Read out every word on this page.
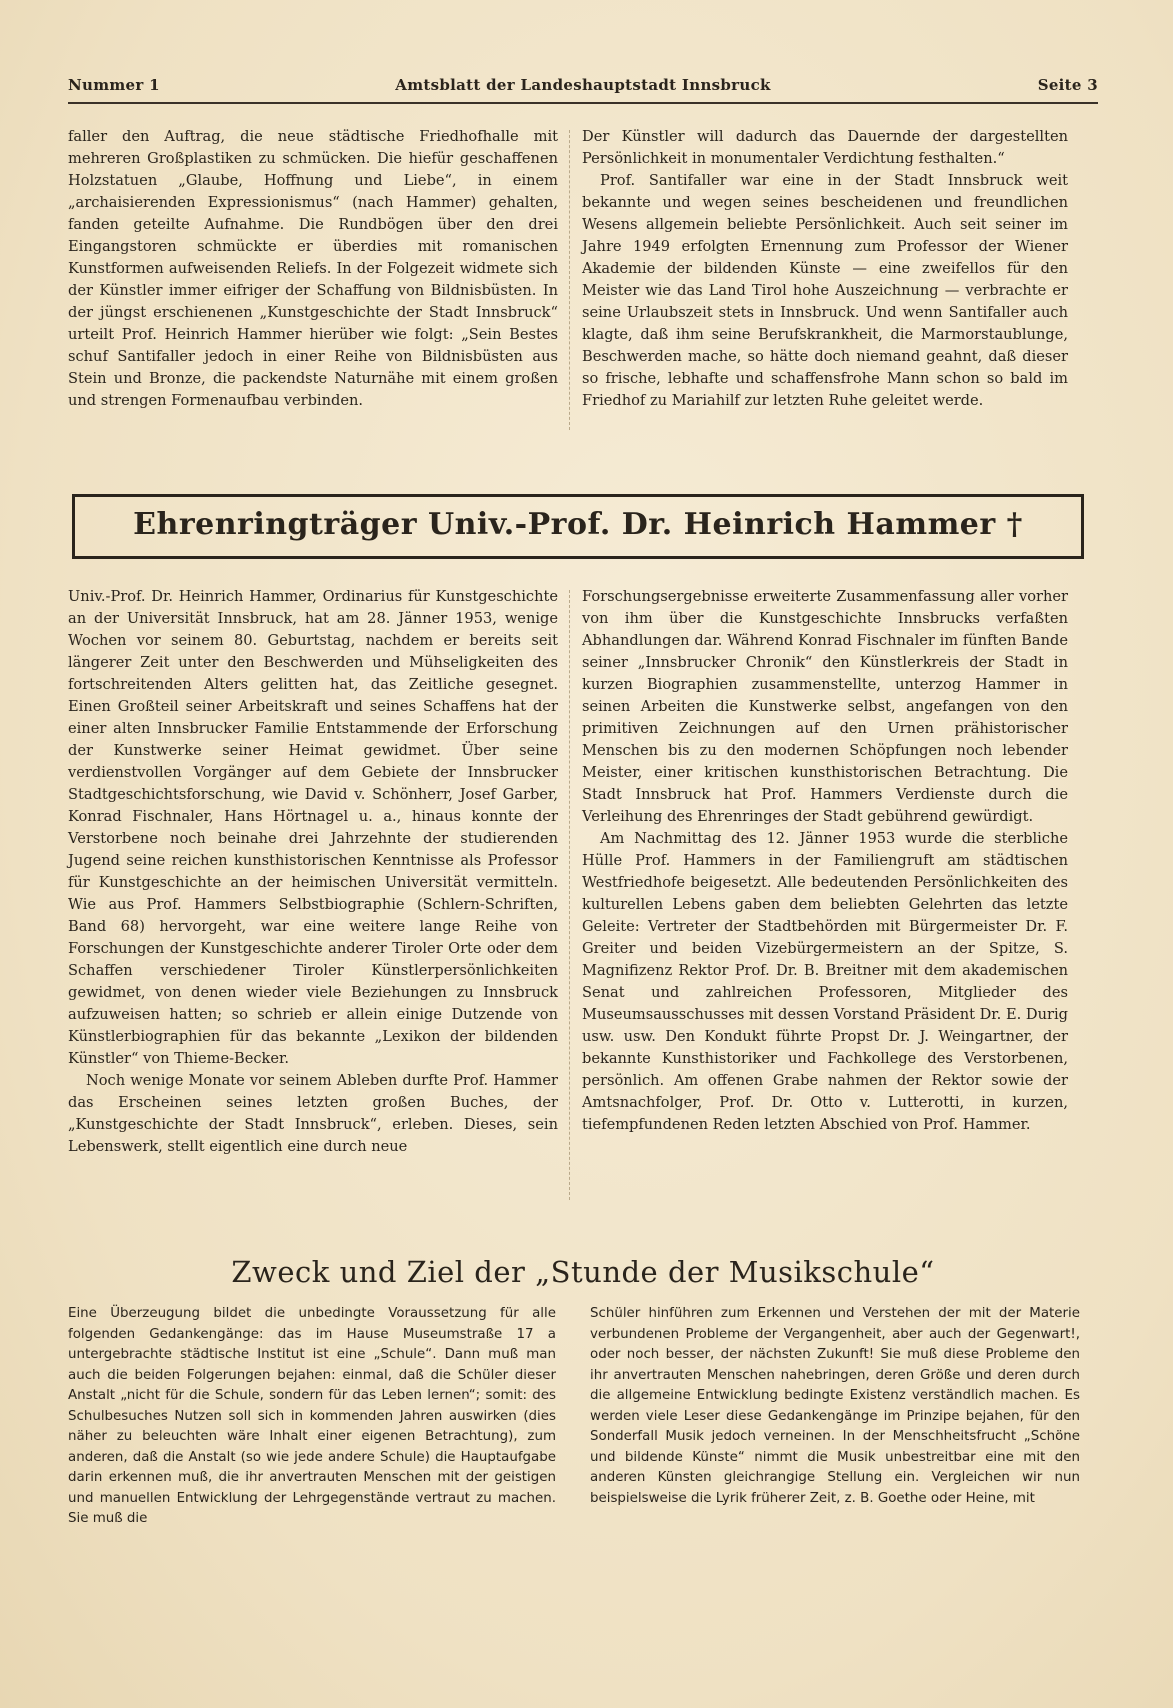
Nummer 1	Amtsblatt der Landeshauptstadt Innsbruck	Seite 3

faller den Auftrag, die neue städtische Friedhofhalle mit mehreren Großplastiken zu schmücken. Die hiefür geschaffenen Holzstatuen „Glaube, Hoffnung und Liebe“, in einem „archaisierenden Expressionismus“ (nach Hammer) gehalten, fanden geteilte Aufnahme. Die Rundbögen über den drei Eingangstoren schmückte er überdies mit romanischen Kunstformen aufweisenden Reliefs. In der Folgezeit widmete sich der Künstler immer eifriger der Schaffung von Bildnisbüsten. In der jüngst erschienenen „Kunstgeschichte der Stadt Innsbruck“ urteilt Prof. Heinrich Hammer hierüber wie folgt: „Sein Bestes schuf Santifaller jedoch in einer Reihe von Bildnisbüsten aus Stein und Bronze, die packendste Naturnähe mit einem großen und strengen Formenaufbau verbinden.

Der Künstler will dadurch das Dauernde der dargestellten Persönlichkeit in monumentaler Verdichtung festhalten.“

Prof. Santifaller war eine in der Stadt Innsbruck weit bekannte und wegen seines bescheidenen und freundlichen Wesens allgemein beliebte Persönlichkeit. Auch seit seiner im Jahre 1949 erfolgten Ernennung zum Professor der Wiener Akademie der bildenden Künste — eine zweifellos für den Meister wie das Land Tirol hohe Auszeichnung — verbrachte er seine Urlaubszeit stets in Innsbruck. Und wenn Santifaller auch klagte, daß ihm seine Berufskrankheit, die Marmorstaublunge, Beschwerden mache, so hätte doch niemand geahnt, daß dieser so frische, lebhafte und schaffensfrohe Mann schon so bald im Friedhof zu Mariahilf zur letzten Ruhe geleitet werde.

Ehrenringträger Univ.-Prof. Dr. Heinrich Hammer †

Univ.-Prof. Dr. Heinrich Hammer, Ordinarius für Kunstgeschichte an der Universität Innsbruck, hat am 28. Jänner 1953, wenige Wochen vor seinem 80. Geburtstag, nachdem er bereits seit längerer Zeit unter den Beschwerden und Mühseligkeiten des fortschreitenden Alters gelitten hat, das Zeitliche gesegnet. Einen Großteil seiner Arbeitskraft und seines Schaffens hat der einer alten Innsbrucker Familie Entstammende der Erforschung der Kunstwerke seiner Heimat gewidmet. Über seine verdienstvollen Vorgänger auf dem Gebiete der Innsbrucker Stadtgeschichtsforschung, wie David v. Schönherr, Josef Garber, Konrad Fischnaler, Hans Hörtnagel u. a., hinaus konnte der Verstorbene noch beinahe drei Jahrzehnte der studierenden Jugend seine reichen kunsthistorischen Kenntnisse als Professor für Kunstgeschichte an der heimischen Universität vermitteln. Wie aus Prof. Hammers Selbstbiographie (Schlern-Schriften, Band 68) hervorgeht, war eine weitere lange Reihe von Forschungen der Kunstgeschichte anderer Tiroler Orte oder dem Schaffen verschiedener Tiroler Künstlerpersönlichkeiten gewidmet, von denen wieder viele Beziehungen zu Innsbruck aufzuweisen hatten; so schrieb er allein einige Dutzende von Künstlerbiographien für das bekannte „Lexikon der bildenden Künstler“ von Thieme-Becker.

Noch wenige Monate vor seinem Ableben durfte Prof. Hammer das Erscheinen seines letzten großen Buches, der „Kunstgeschichte der Stadt Innsbruck“, erleben. Dieses, sein Lebenswerk, stellt eigentlich eine durch neue

Forschungsergebnisse erweiterte Zusammenfassung aller vorher von ihm über die Kunstgeschichte Innsbrucks verfaßten Abhandlungen dar. Während Konrad Fischnaler im fünften Bande seiner „Innsbrucker Chronik“ den Künstlerkreis der Stadt in kurzen Biographien zusammenstellte, unterzog Hammer in seinen Arbeiten die Kunstwerke selbst, angefangen von den primitiven Zeichnungen auf den Urnen prähistorischer Menschen bis zu den modernen Schöpfungen noch lebender Meister, einer kritischen kunsthistorischen Betrachtung. Die Stadt Innsbruck hat Prof. Hammers Verdienste durch die Verleihung des Ehrenringes der Stadt gebührend gewürdigt.

Am Nachmittag des 12. Jänner 1953 wurde die sterbliche Hülle Prof. Hammers in der Familiengruft am städtischen Westfriedhofe beigesetzt. Alle bedeutenden Persönlichkeiten des kulturellen Lebens gaben dem beliebten Gelehrten das letzte Geleite: Vertreter der Stadtbehörden mit Bürgermeister Dr. F. Greiter und beiden Vizebürgermeistern an der Spitze, S. Magnifizenz Rektor Prof. Dr. B. Breitner mit dem akademischen Senat und zahlreichen Professoren, Mitglieder des Museumsausschusses mit dessen Vorstand Präsident Dr. E. Durig usw. usw. Den Kondukt führte Propst Dr. J. Weingartner, der bekannte Kunsthistoriker und Fachkollege des Verstorbenen, persönlich. Am offenen Grabe nahmen der Rektor sowie der Amtsnachfolger, Prof. Dr. Otto v. Lutterotti, in kurzen, tiefempfundenen Reden letzten Abschied von Prof. Hammer.

Zweck und Ziel der „Stunde der Musikschule“

Eine Überzeugung bildet die unbedingte Voraussetzung für alle folgenden Gedankengänge: das im Hause Museumstraße 17 a untergebrachte städtische Institut ist eine „Schule“. Dann muß man auch die beiden Folgerungen bejahen: einmal, daß die Schüler dieser Anstalt „nicht für die Schule, sondern für das Leben lernen“; somit: des Schulbesuches Nutzen soll sich in kommenden Jahren auswirken (dies näher zu beleuchten wäre Inhalt einer eigenen Betrachtung), zum anderen, daß die Anstalt (so wie jede andere Schule) die Hauptaufgabe darin erkennen muß, die ihr anvertrauten Menschen mit der geistigen und manuellen Entwicklung der Lehrgegenstände vertraut zu machen. Sie muß die

Schüler hinführen zum Erkennen und Verstehen der mit der Materie verbundenen Probleme der Vergangenheit, aber auch der Gegenwart!, oder noch besser, der nächsten Zukunft! Sie muß diese Probleme den ihr anvertrauten Menschen nahebringen, deren Größe und deren durch die allgemeine Entwicklung bedingte Existenz verständlich machen. Es werden viele Leser diese Gedankengänge im Prinzipe bejahen, für den Sonderfall Musik jedoch verneinen. In der Menschheitsfrucht „Schöne und bildende Künste“ nimmt die Musik unbestreitbar eine mit den anderen Künsten gleichrangige Stellung ein. Vergleichen wir nun beispielsweise die Lyrik früherer Zeit, z. B. Goethe oder Heine, mit
